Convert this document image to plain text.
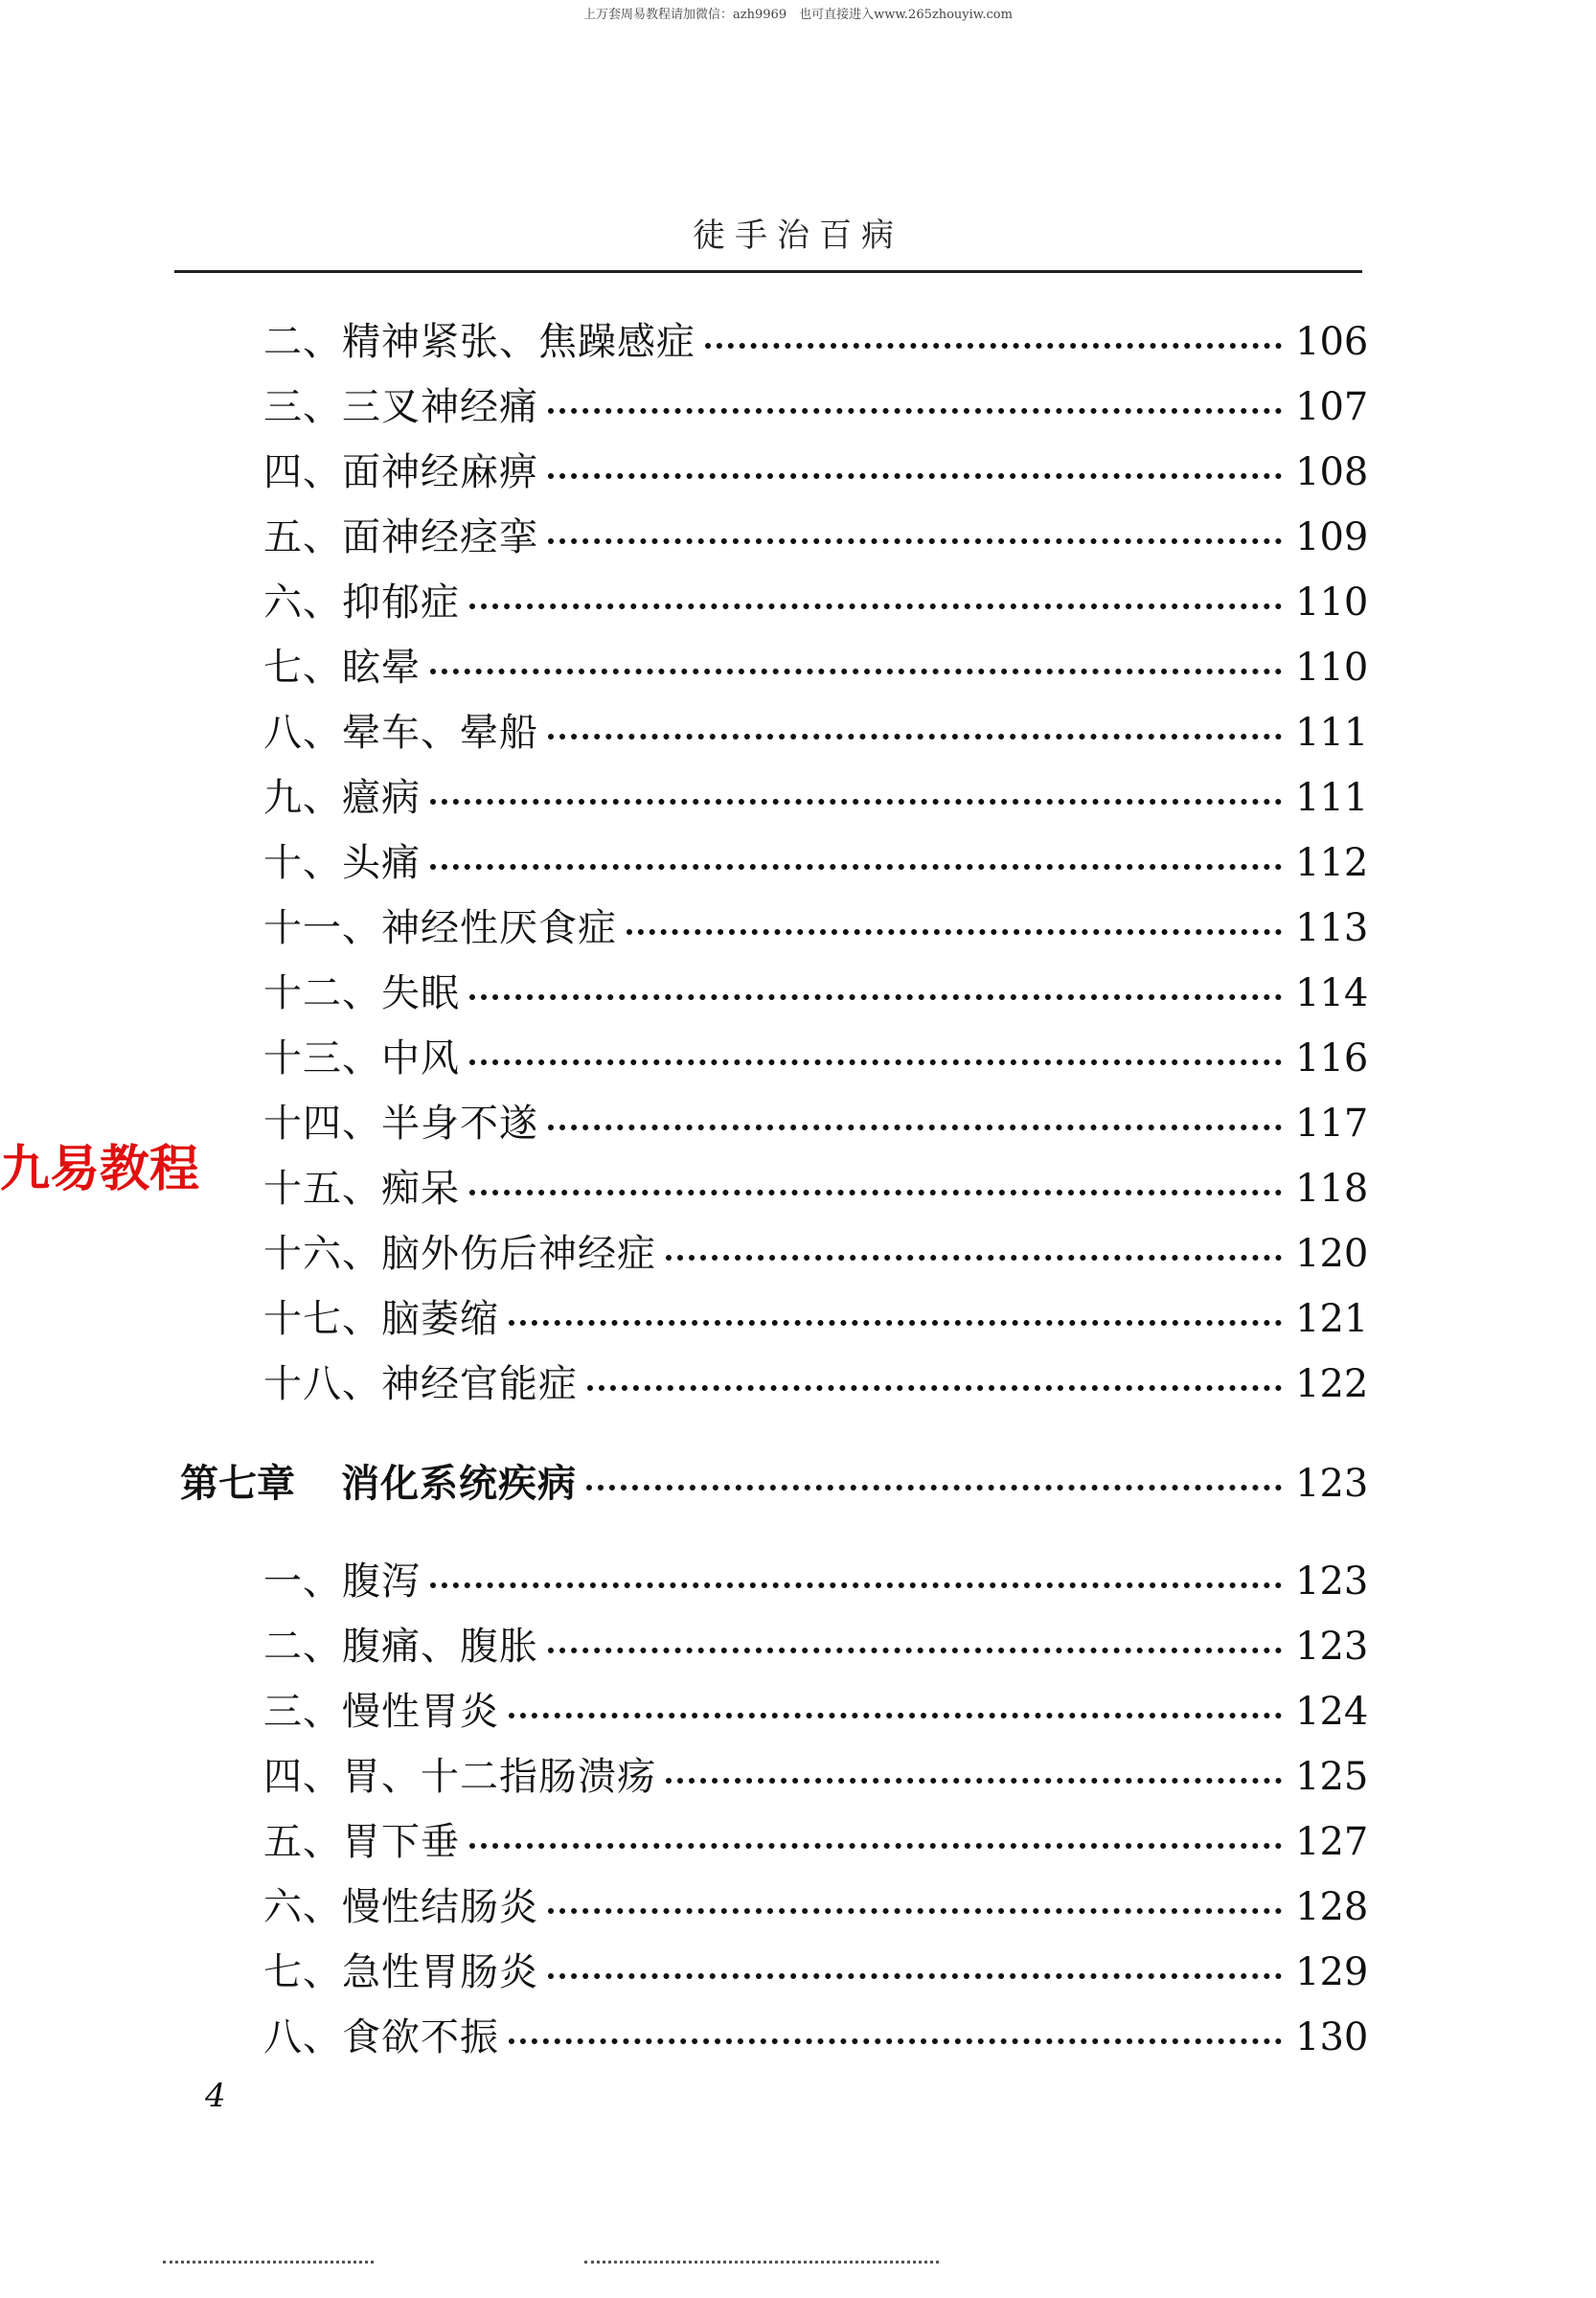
上万套周易教程请加微信：azh9969　也可直接进入www.265zhouyiw.com
徒手治百病
二、精神紧张、焦躁感症	106
三、三叉神经痛	107
四、面神经麻痹	108
五、面神经痉挛	109
六、抑郁症	110
七、眩晕	110
八、晕车、晕船	111
九、癔病	111
十、头痛	112
十一、神经性厌食症	113
十二、失眠	114
十三、中风	116
十四、半身不遂	117
十五、痴呆	118
十六、脑外伤后神经症	120
十七、脑萎缩	121
十八、神经官能症	122
第七章 消化系统疾病	123
一、腹泻	123
二、腹痛、腹胀	123
三、慢性胃炎	124
四、胃、十二指肠溃疡	125
五、胃下垂	127
六、慢性结肠炎	128
七、急性胃肠炎	129
八、食欲不振	130
九易教程
4
